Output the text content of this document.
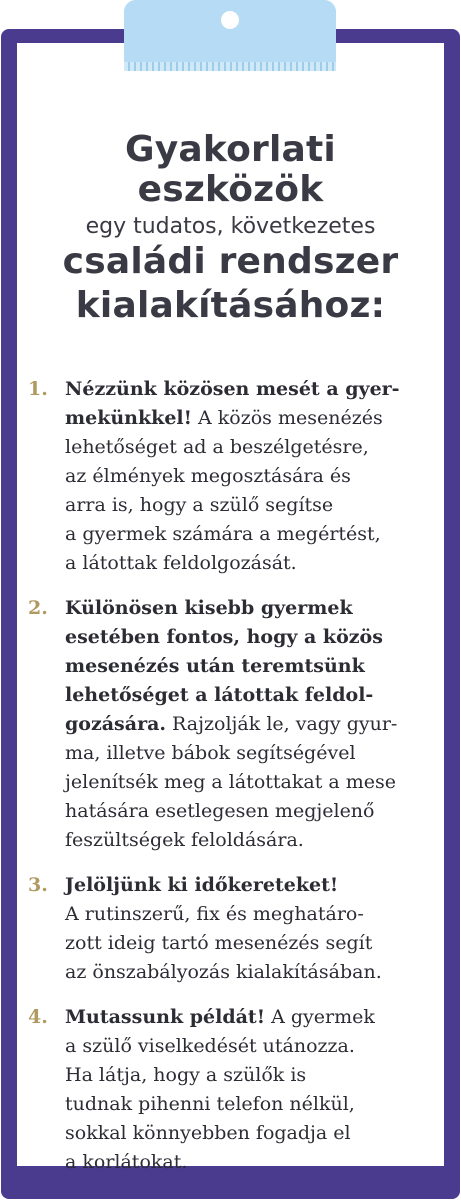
Gyakorlati
eszközök
egy tudatos, következetes
családi rendszer
kialakításához:
1. Nézzünk közösen mesét a gyer-
mekünkkel! A közös mesenézés
lehetőséget ad a beszélgetésre,
az élmények megosztására és
arra is, hogy a szülő segítse
a gyermek számára a megértést,
a látottak feldolgozását.
2. Különösen kisebb gyermek
esetében fontos, hogy a közös
mesenézés után teremtsünk
lehetőséget a látottak feldol-
gozására. Rajzolják le, vagy gyur-
ma, illetve bábok segítségével
jelenítsék meg a látottakat a mese
hatására esetlegesen megjelenő
feszültségek feloldására.
3. Jelöljünk ki időkereteket!
A rutinszerű, fix és meghatáro-
zott ideig tartó mesenézés segít
az önszabályozás kialakításában.
4. Mutassunk példát! A gyermek
a szülő viselkedését utánozza.
Ha látja, hogy a szülők is
tudnak pihenni telefon nélkül,
sokkal könnyebben fogadja el
a korlátokat.
